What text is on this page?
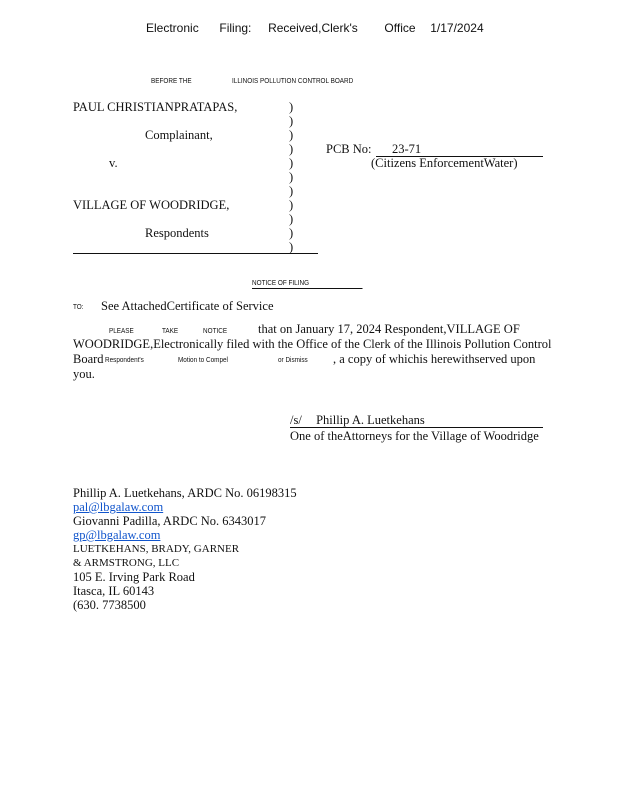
Electronic Filing: Received,Clerk's Office 1/17/2024
BEFORE THE	ILLINOIS POLLUTION CONTROL BOARD
PAUL CHRISTIANPRATAPAS,
Complainant,
v.
VILLAGE OF WOODRIDGE,
Respondents
)
)
)
)
)
)
)
)
)
)
)
PCB No:	23-71
(Citizens EnforcementWater)
NOTICE OF FILING
TO: See AttachedCertificate of Service
PLEASE	TAKE	NOTICE that on January 17, 2024 Respondent,VILLAGE OF
WOODRIDGE,Electronically filed with the Office of the Clerk of the Illinois Pollution Control
Board Respondent's	Motion to Compel	or Dismiss , a copy of whichis herewithserved upon
you.
/s/ Phillip A. Luetkehans
One of theAttorneys for the Village of Woodridge
Phillip A. Luetkehans, ARDC No. 06198315
pal@lbgalaw.com
Giovanni Padilla, ARDC No. 6343017
gp@lbgalaw.com
LUETKEHANS, BRADY, GARNER
& ARMSTRONG, LLC
105 E. Irving Park Road
Itasca, IL 60143
(630. 7738500
